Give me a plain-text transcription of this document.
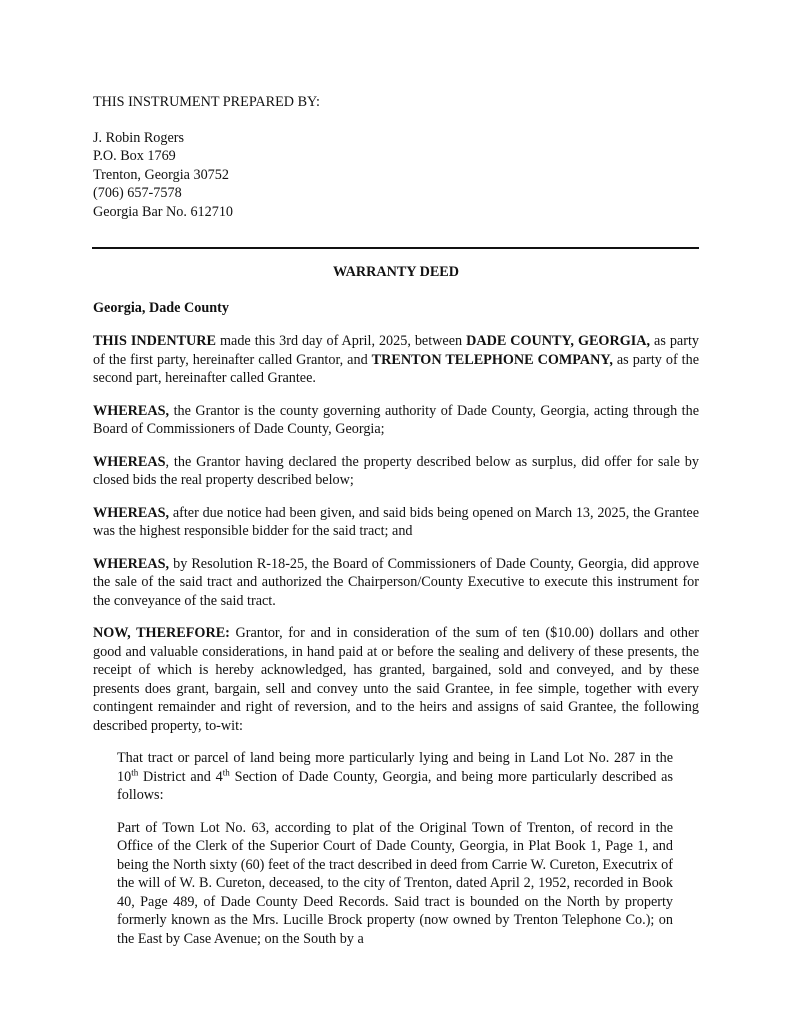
THIS INSTRUMENT PREPARED BY:
J. Robin Rogers
P.O. Box 1769
Trenton, Georgia 30752
(706) 657-7578
Georgia Bar No. 612710
WARRANTY DEED
Georgia, Dade County

THIS INDENTURE made this 3rd day of April, 2025, between DADE COUNTY, GEORGIA, as party of the first party, hereinafter called Grantor, and TRENTON TELEPHONE COMPANY, as party of the second part, hereinafter called Grantee.

WHEREAS, the Grantor is the county governing authority of Dade County, Georgia, acting through the Board of Commissioners of Dade County, Georgia;

WHEREAS, the Grantor having declared the property described below as surplus, did offer for sale by closed bids the real property described below;

WHEREAS, after due notice had been given, and said bids being opened on March 13, 2025, the Grantee was the highest responsible bidder for the said tract; and

WHEREAS, by Resolution R-18-25, the Board of Commissioners of Dade County, Georgia, did approve the sale of the said tract and authorized the Chairperson/County Executive to execute this instrument for the conveyance of the said tract.

NOW, THEREFORE: Grantor, for and in consideration of the sum of ten ($10.00) dollars and other good and valuable considerations, in hand paid at or before the sealing and delivery of these presents, the receipt of which is hereby acknowledged, has granted, bargained, sold and conveyed, and by these presents does grant, bargain, sell and convey unto the said Grantee, in fee simple, together with every contingent remainder and right of reversion, and to the heirs and assigns of said Grantee, the following described property, to-wit:

That tract or parcel of land being more particularly lying and being in Land Lot No. 287 in the 10th District and 4th Section of Dade County, Georgia, and being more particularly described as follows:

Part of Town Lot No. 63, according to plat of the Original Town of Trenton, of record in the Office of the Clerk of the Superior Court of Dade County, Georgia, in Plat Book 1, Page 1, and being the North sixty (60) feet of the tract described in deed from Carrie W. Cureton, Executrix of the will of W. B. Cureton, deceased, to the city of Trenton, dated April 2, 1952, recorded in Book 40, Page 489, of Dade County Deed Records. Said tract is bounded on the North by property formerly known as the Mrs. Lucille Brock property (now owned by Trenton Telephone Co.); on the East by Case Avenue; on the South by a
